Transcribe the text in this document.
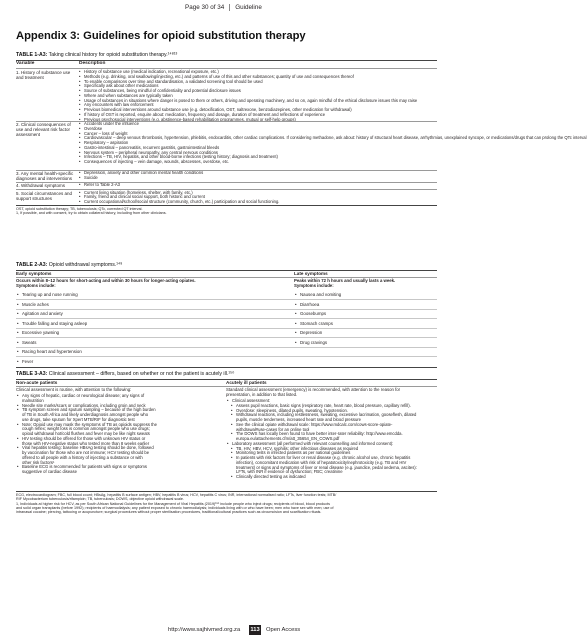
Page 30 of 34 Guideline
Appendix 3: Guidelines for opioid substitution therapy
TABLE 1-A3: Taking clinical history for opioid substitution therapy.¹⁴⁸¹³
Variable	Description
1. History of substance use and treatment
• History of substance use (medical indication, recreational exposure, etc.)
• Methods (e.g. drinking, oral swallowing/injecting, etc.) and patterns of use of this and other substances; quantity of use and consequences thereof
• To enable comparisons over time and standardisation, a validated screening tool should be used
• Specifically ask about other medications
• Source of substances, being mindful of confidentiality and potential disclosure issues
• Where and when substances are typically taken
• Usage of substances in situations where danger is posed to them or others, driving and operating machinery, and so on, again mindful of the ethical disclosure issues this may raise
• Any encounters with law enforcement
• Previous biomedical interventions around substance use (e.g. detoxification, OST, naltrexone, benzodiazepines, other medication for withdrawal)
• If history of OST is reported, enquire about: medication, frequency and dosage, duration of treatment and reflections of experience
• Previous psychosocial interventions (e.g. abstinence-based rehabilitation programmes, mutual or self-help groups)
2. Clinical consequences of use and relevant risk factor assessment
• Accidents under the influence
• Overdose
• Cancer – loss of weight
• Cardiovascular – deep venous thrombosis, hypertension, phlebitis, endocarditis, other cardiac complications. If considering methadone, ask about: history of structural heart disease, arrhythmias, unexplained syncope, or medications/drugs that can prolong the QTc interval
• Respiratory – aspiration
• Gastro-intestinal – pancreatitis, recurrent gastritis, gastrointestinal bleeds
• Nervous system – peripheral neuropathy, any central nervous conditions
• Infections – TB, HIV, hepatitis, and other blood-borne infections (testing history; diagnosis and treatment)
• Consequences of injecting – vein damage, wounds, abscesses, overdose, etc.
3. Any mental health-specific diagnoses and interventions
• Depression, anxiety and other common mental health conditions
• Suicide
4. Withdrawal symptoms
•	Refer to Table 2-A3
5. Social circumstances and support structures
• Current living situation (homeless, shelter, with family, etc.)
• Family, friend and clinical social support, both historic and current
• Current occupational/school/social structure (community, church, etc.) participation and social functioning.
OST, opioid substitution therapy; TB, tuberculosis; QTc, corrected QT interval.
1, If possible, and with consent, try to obtain collateral history, including from other clinicians.
TABLE 2-A3: Opioid withdrawal symptoms.¹⁴⁹
Early symptoms	Late symptoms
Occurs within 8–12 hours for short-acting and within 30 hours for longer-acting opiates.
Symptoms include:
Peaks within 72 h hours and usually lasts a week.
Symptoms include:
• Tearing up and nose running
• Muscle aches
• Agitation and anxiety
• Trouble falling and staying asleep
• Excessive yawning
• Sweats
• Racing heart and hypertension
• Fever
• Nausea and vomiting
• Diarrhoea
• Goosebumps
• Stomach cramps
• Depression
• Drug cravings
TABLE 3-A3: Clinical assessment – differs, based on whether or not the patient is acutely ill.¹⁵⁰
Non-acute patients	Acutely ill patients
Clinical assessment is routine, with attention to the following:	Standard clinical assessment (emergency) is recommended, with attention to the reason for
presentation, in addition to that listed.
• Any signs of hepatic, cardiac or neurological disease; any signs of
malnutrition
• Needle site marks/scars or complications, including groin and neck
• TB symptom screen and sputum sampling – because of the high burden
of TB in South Africa and likely underdiagnosis amongst people who
use drugs, take sputum for Xpert MTB/RIF for diagnostic test
• Note: Opioid use may mask the symptoms of TB as opioids suppress the
cough reflex; weight loss is common amongst people who use drugs;
opioid withdrawal hot/cold flushes and fever may be like night sweats
• HIV testing should be offered for those with unknown HIV status or
those with HIV-negative status who tested more than 8 weeks earlier
• Viral hepatitis testing: baseline HBsAg testing should be done, followed
by vaccination for those who are not immune; HCV testing should be
offered to all people with a history of injecting a substance or with
other risk factors¹
• Baseline ECG is recommended for patients with signs or symptoms
suggestive of cardiac disease
• Clinical assessment:
• Assess pupil reactions, basic signs (respiratory rate, heart rate, blood pressure, capillary refill).
• Overdose: sleepiness, dilated pupils, sweating, hypotension.
• Withdrawal reactions, including restlessness, sweating, excessive lacrimation, gooseflesh, dilated
pupils, muscle tenderness, increased heart rate and blood pressure
• See the clinical opiate withdrawal scale: https://www.mdcalc.com/cows-score-opiate-
withdrawal#use-cases for an online tool
• The DOWS has locally been found to have better inter-rater reliability: http://www.emcdda.
europa.eu/attachements.cfm/att_35654_EN_COWS.pdf
• Laboratory assessment (all performed with relevant counselling and informed consent):
• TB, HIV, HBV, HCV, syphilis; other infectious diseases as required
• Monitoring tests in infected patients as per national guidelines
• In patients with risk factors for liver or renal disease (e.g. chronic alcohol use, chronic hepatitis
infection), concomitant medication with risk of hepatotoxicity/nephrotoxicity (e.g. TB and HIV
treatment) or signs and symptoms of liver or renal disease (e.g. jaundice, pedal oedema, ascites):
LFTs, with INR if evidence of dysfunction; FBC; creatinine
• Clinically directed testing as indicated
ECG, electrocardiogram; FBC, full blood count; HBsAg, hepatitis B surface antigen; HBV, hepatitis B virus; HCV, hepatitis C virus; INR, international normalised ratio; LFTs, liver function tests; MTB/
RIF Mycobacterium tuberculosis/rifampicin; TB, tuberculosis; DOWS, objective opioid withdrawal scale.
1, Individuals at higher risk for HCV, as per South African National Guidelines for the Management of Viral Hepatitis (2019)¹⁵¹ include people who inject drugs; recipients of blood, blood products
and solid organ transplants (before 1992); recipients of haemodialysis; any patient exposed to chronic haemodialysis; individuals living with or who have been; men who have sex with men; use of
intranasal cocaine; piercing, tattooing or acupuncture; surgical procedures without proper sterilisation procedures, traditional/cultural practices such as circumcision and scarification rituals.
http://www.sajhivmed.org.za 113 Open Access
